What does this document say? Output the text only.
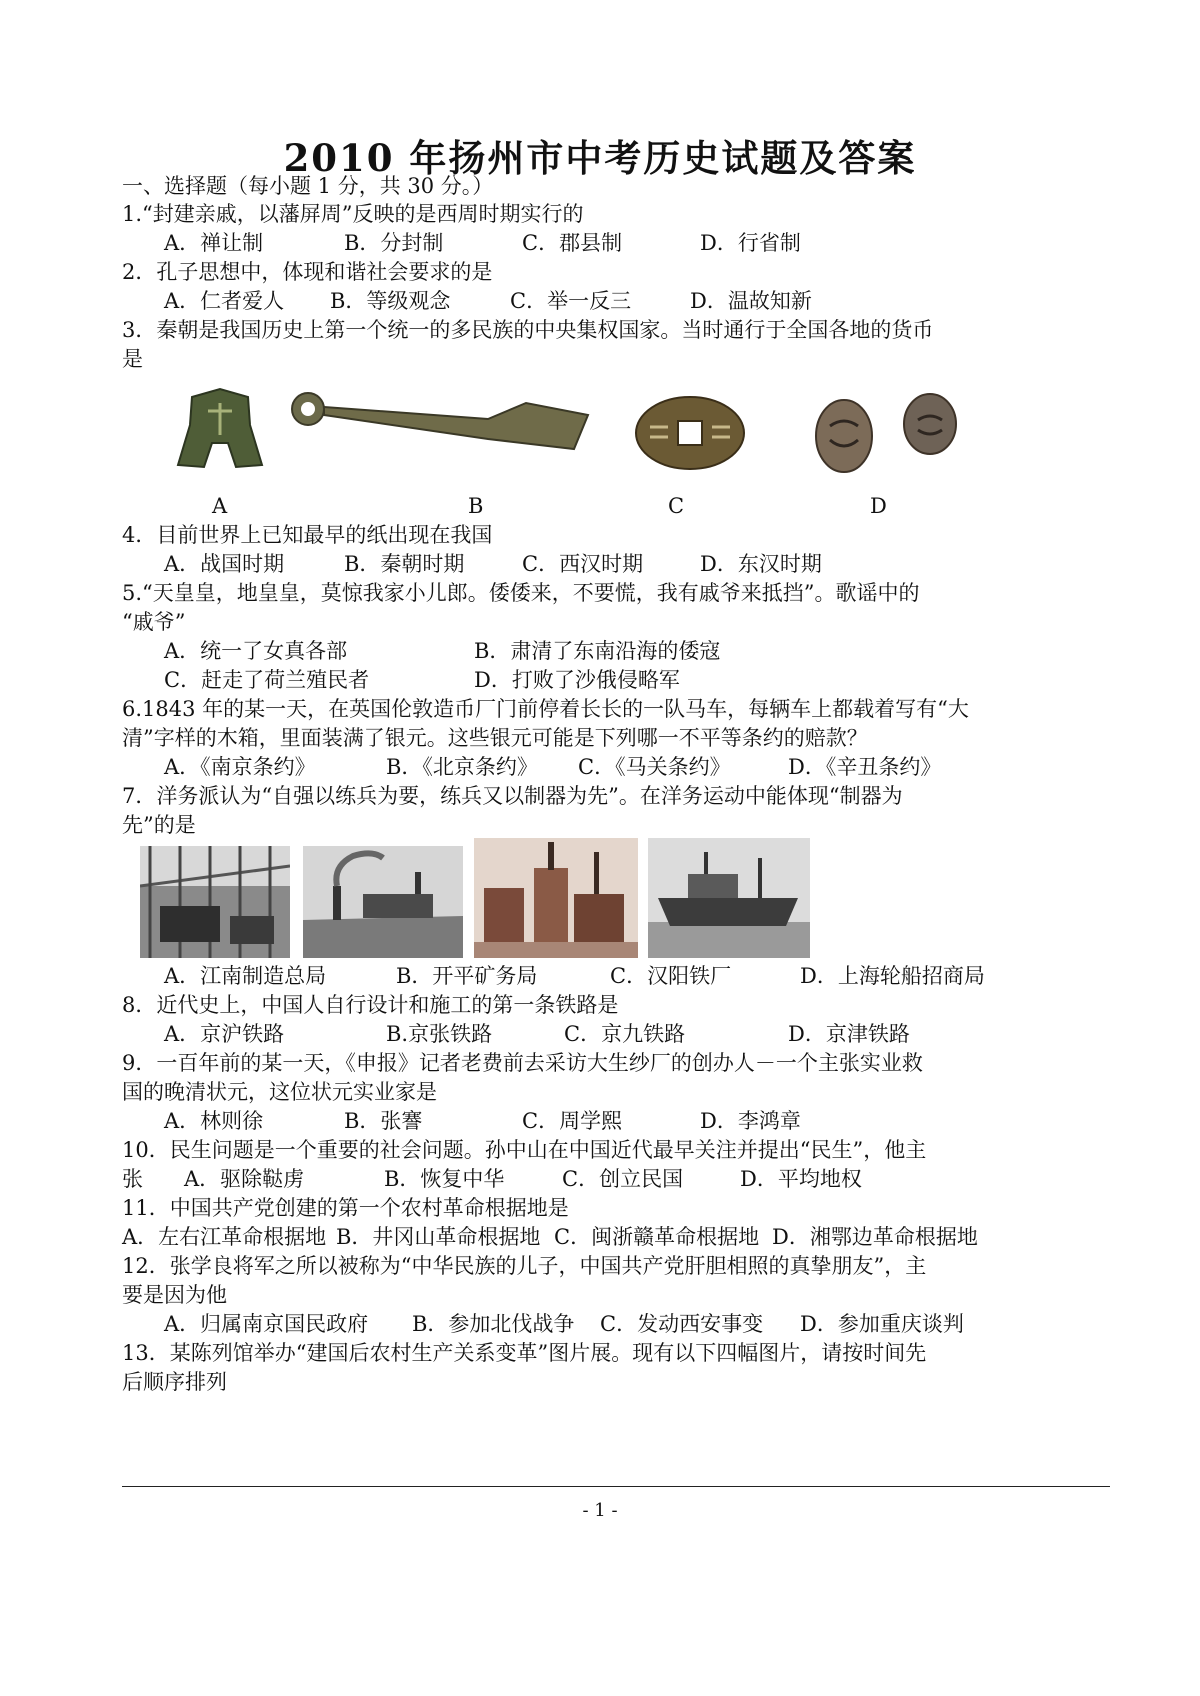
2010 年扬州市中考历史试题及答案
一、选择题（每小题 1 分，共 30 分。）
1.“封建亲戚，以藩屏周”反映的是西周时期实行的
A．禅让制	B．分封制	C．郡县制	D．行省制
2．孔子思想中，体现和谐社会要求的是
A．仁者爱人 B．等级观念	C．举一反三	D．温故知新
3．秦朝是我国历史上第一个统一的多民族的中央集权国家。当时通行于全国各地的货币
是
A	B	C	D
4．目前世界上已知最早的纸出现在我国
A．战国时期	B．秦朝时期	C．西汉时期	D．东汉时期
5.“天皇皇，地皇皇，莫惊我家小儿郎。倭倭来，不要慌，我有戚爷来抵挡”。歌谣中的
“戚爷”
A．统一了女真各部	B．肃清了东南沿海的倭寇
C．赶走了荷兰殖民者	D．打败了沙俄侵略军
6.1843 年的某一天，在英国伦敦造币厂门前停着长长的一队马车，每辆车上都载着写有“大
清”字样的木箱，里面装满了银元。这些银元可能是下列哪一不平等条约的赔款？
A．《南京条约》	B．《北京条约》 C．《马关条约》	D．《辛丑条约》
7．洋务派认为“自强以练兵为要，练兵又以制器为先”。在洋务运动中能体现“制器为
先”的是
A．江南制造总局	B．开平矿务局	C．汉阳铁厂	D．上海轮船招商局
8．近代史上，中国人自行设计和施工的第一条铁路是
A．京沪铁路	B.京张铁路	C．京九铁路	D．京津铁路
9．一百年前的某一天，《申报》记者老费前去采访大生纱厂的创办人－一个主张实业救
国的晚清状元，这位状元实业家是
A．林则徐	B．张謇	C．周学熙	D．李鸿章
10．民生问题是一个重要的社会问题。孙中山在中国近代最早关注并提出“民生”，他主
张 A．驱除鞑虏	B．恢复中华	C．创立民国	D．平均地权
11．中国共产党创建的第一个农村革命根据地是
A．左右江革命根据地 B．井冈山革命根据地 C．闽浙赣革命根据地 D．湘鄂边革命根据地
12．张学良将军之所以被称为“中华民族的儿子，中国共产党肝胆相照的真挚朋友”，主
要是因为他
A．归属南京国民政府 B．参加北伐战争 C．发动西安事变 D．参加重庆谈判
13．某陈列馆举办“建国后农村生产关系变革”图片展。现有以下四幅图片，请按时间先
后顺序排列
- 1 -
